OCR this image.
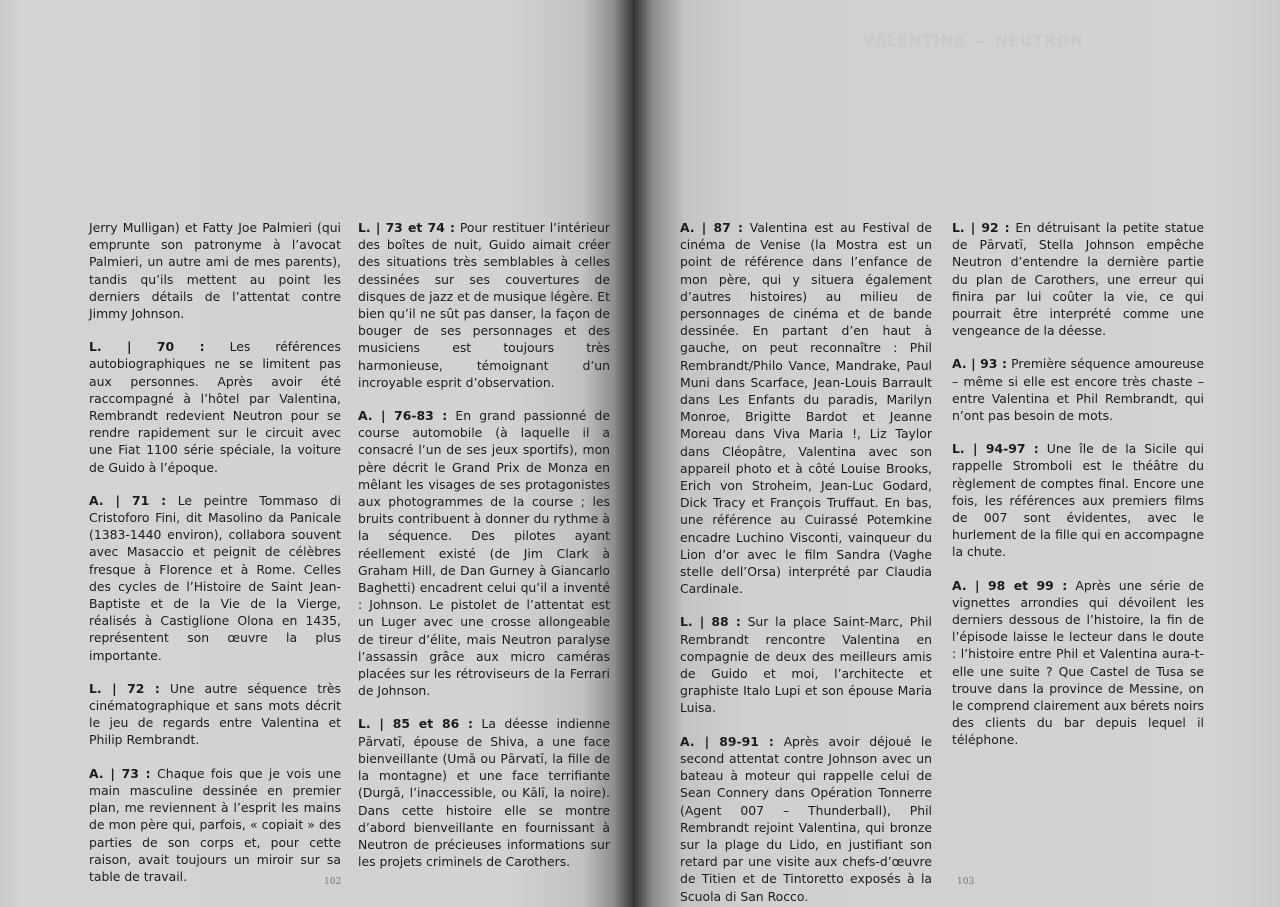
Jerry Mulligan) et Fatty Joe Palmieri (qui emprunte son patronyme à l’avocat Palmieri, un autre ami de mes parents), tandis qu’ils mettent au point les derniers détails de l’attentat contre Jimmy Johnson.

L. | 70 : Les références autobiographiques ne se limitent pas aux personnes. Après avoir été raccompagné à l’hôtel par Valentina, Rembrandt redevient Neutron pour se rendre rapidement sur le circuit avec une Fiat 1100 série spéciale, la voiture de Guido à l’époque.

A. | 71 : Le peintre Tommaso di Cristoforo Fini, dit Masolino da Panicale (1383-1440 environ), collabora souvent avec Masaccio et peignit de célèbres fresque à Florence et à Rome. Celles des cycles de l’Histoire de Saint Jean-Baptiste et de la Vie de la Vierge, réalisés à Castiglione Olona en 1435, représentent son œuvre la plus importante.

L. | 72 : Une autre séquence très cinématographique et sans mots décrit le jeu de regards entre Valentina et Philip Rembrandt.

A. | 73 : Chaque fois que je vois une main masculine dessinée en premier plan, me reviennent à l’esprit les mains de mon père qui, parfois, « copiait » des parties de son corps et, pour cette raison, avait toujours un miroir sur sa table de travail.

L. | 73 et 74 : Pour restituer l’intérieur des boîtes de nuit, Guido aimait créer des situations très semblables à celles dessinées sur ses couvertures de disques de jazz et de musique légère. Et bien qu’il ne sût pas danser, la façon de bouger de ses personnages et des musiciens est toujours très harmonieuse, témoignant d’un incroyable esprit d’observation.

A. | 76-83 : En grand passionné de course automobile (à laquelle il a consacré l’un de ses jeux sportifs), mon père décrit le Grand Prix de Monza en mêlant les visages de ses protagonistes aux photogrammes de la course ; les bruits contribuent à donner du rythme à la séquence. Des pilotes ayant réellement existé (de Jim Clark à Graham Hill, de Dan Gurney à Giancarlo Baghetti) encadrent celui qu’il a inventé : Johnson. Le pistolet de l’attentat est un Luger avec une crosse allongeable de tireur d’élite, mais Neutron paralyse l’assassin grâce aux micro caméras placées sur les rétroviseurs de la Ferrari de Johnson.

L. | 85 et 86 : La déesse indienne Pārvatī, épouse de Shiva, a une face bienveillante (Umā ou Pārvatī, la fille de la montagne) et une face terrifiante (Durgā, l’inaccessible, ou Kālī, la noire). Dans cette histoire elle se montre d’abord bienveillante en fournissant à Neutron de précieuses informations sur les projets criminels de Carothers.

102
VALENTINA — NEUTRON

A. | 87 : Valentina est au Festival de cinéma de Venise (la Mostra est un point de référence dans l’enfance de mon père, qui y situera également d’autres histoires) au milieu de personnages de cinéma et de bande dessinée. En partant d’en haut à gauche, on peut reconnaître : Phil Rembrandt/Philo Vance, Mandrake, Paul Muni dans Scarface, Jean-Louis Barrault dans Les Enfants du paradis, Marilyn Monroe, Brigitte Bardot et Jeanne Moreau dans Viva Maria !, Liz Taylor dans Cléopâtre, Valentina avec son appareil photo et à côté Louise Brooks, Erich von Stroheim, Jean-Luc Godard, Dick Tracy et François Truffaut. En bas, une référence au Cuirassé Potemkine encadre Luchino Visconti, vainqueur du Lion d’or avec le film Sandra (Vaghe stelle dell’Orsa) interprété par Claudia Cardinale.

L. | 88 : Sur la place Saint-Marc, Phil Rembrandt rencontre Valentina en compagnie de deux des meilleurs amis de Guido et moi, l’architecte et graphiste Italo Lupi et son épouse Maria Luisa.

A. | 89-91 : Après avoir déjoué le second attentat contre Johnson avec un bateau à moteur qui rappelle celui de Sean Connery dans Opération Tonnerre (Agent 007 – Thunderball), Phil Rembrandt rejoint Valentina, qui bronze sur la plage du Lido, en justifiant son retard par une visite aux chefs-d’œuvre de Titien et de Tintoretto exposés à la Scuola di San Rocco.

L. | 92 : En détruisant la petite statue de Pārvatī, Stella Johnson empêche Neutron d’entendre la dernière partie du plan de Carothers, une erreur qui finira par lui coûter la vie, ce qui pourrait être interprété comme une vengeance de la déesse.

A. | 93 : Première séquence amoureuse – même si elle est encore très chaste – entre Valentina et Phil Rembrandt, qui n’ont pas besoin de mots.

L. | 94-97 : Une île de la Sicile qui rappelle Stromboli est le théâtre du règlement de comptes final. Encore une fois, les références aux premiers films de 007 sont évidentes, avec le hurlement de la fille qui en accompagne la chute.

A. | 98 et 99 : Après une série de vignettes arrondies qui dévoilent les derniers dessous de l’histoire, la fin de l’épisode laisse le lecteur dans le doute : l’histoire entre Phil et Valentina aura-t-elle une suite ? Que Castel de Tusa se trouve dans la province de Messine, on le comprend clairement aux bérets noirs des clients du bar depuis lequel il téléphone.

103
